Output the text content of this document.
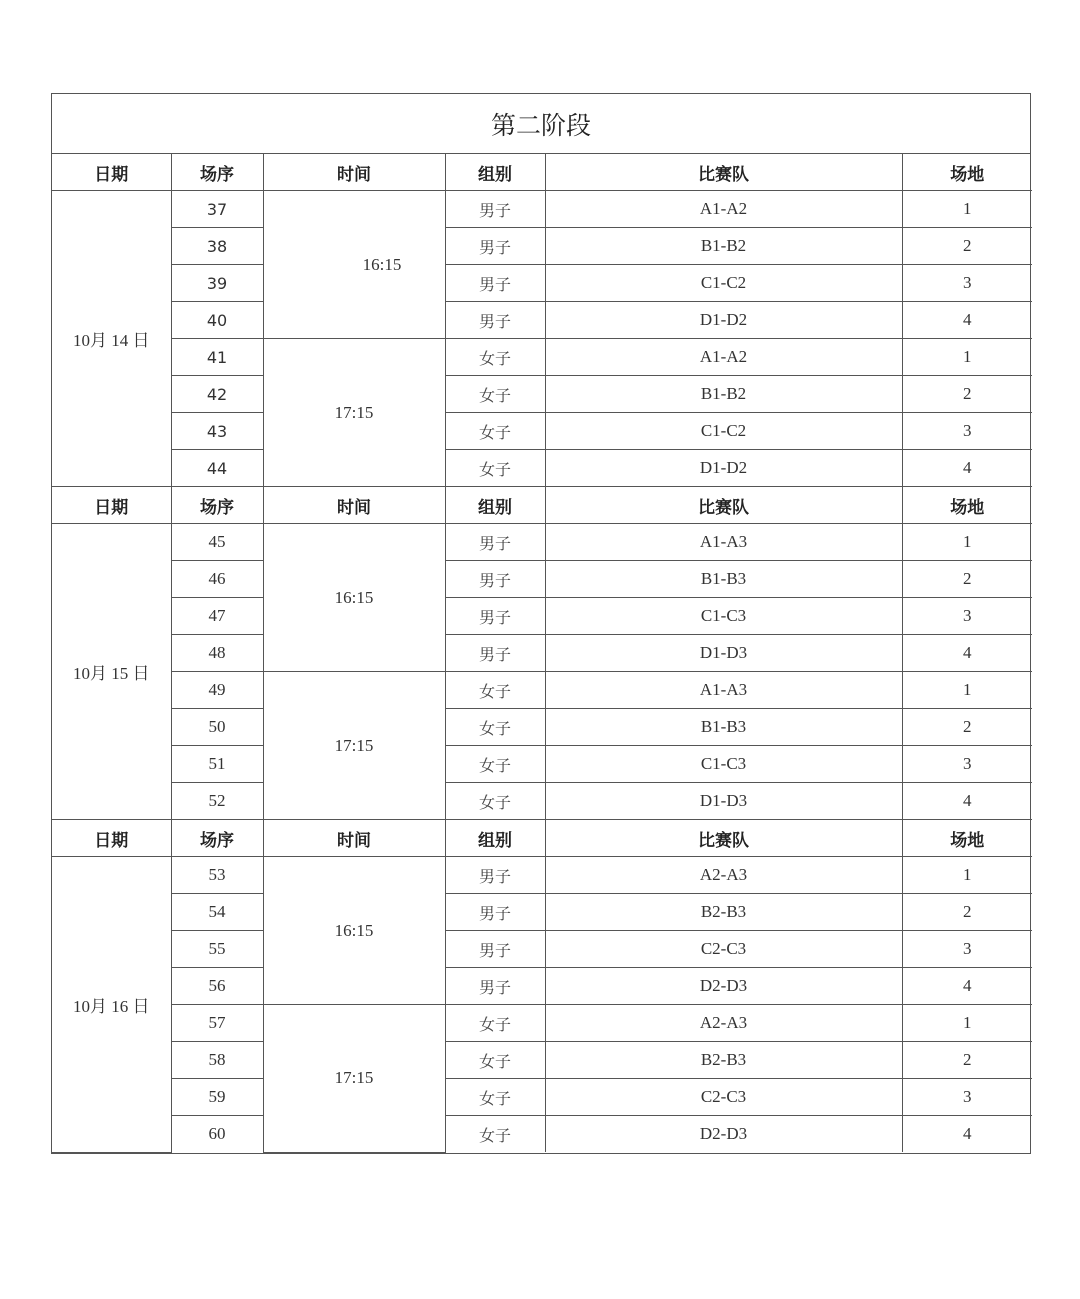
第二阶段
日期	场序	时间	组别	比赛队	场地
10月 14 日	37	16:15	男子	A1-A2	1
	38		男子	B1-B2	2
	39		男子	C1-C2	3
	40		男子	D1-D2	4
	41	17:15	女子	A1-A2	1
	42		女子	B1-B2	2
	43		女子	C1-C2	3
	44		女子	D1-D2	4
日期	场序	时间	组别	比赛队	场地
10月 15 日	45	16:15	男子	A1-A3	1
	46		男子	B1-B3	2
	47		男子	C1-C3	3
	48		男子	D1-D3	4
	49	17:15	女子	A1-A3	1
	50		女子	B1-B3	2
	51		女子	C1-C3	3
	52		女子	D1-D3	4
日期	场序	时间	组别	比赛队	场地
10月 16 日	53	16:15	男子	A2-A3	1
	54		男子	B2-B3	2
	55		男子	C2-C3	3
	56		男子	D2-D3	4
	57	17:15	女子	A2-A3	1
	58		女子	B2-B3	2
	59		女子	C2-C3	3
	60		女子	D2-D3	4
